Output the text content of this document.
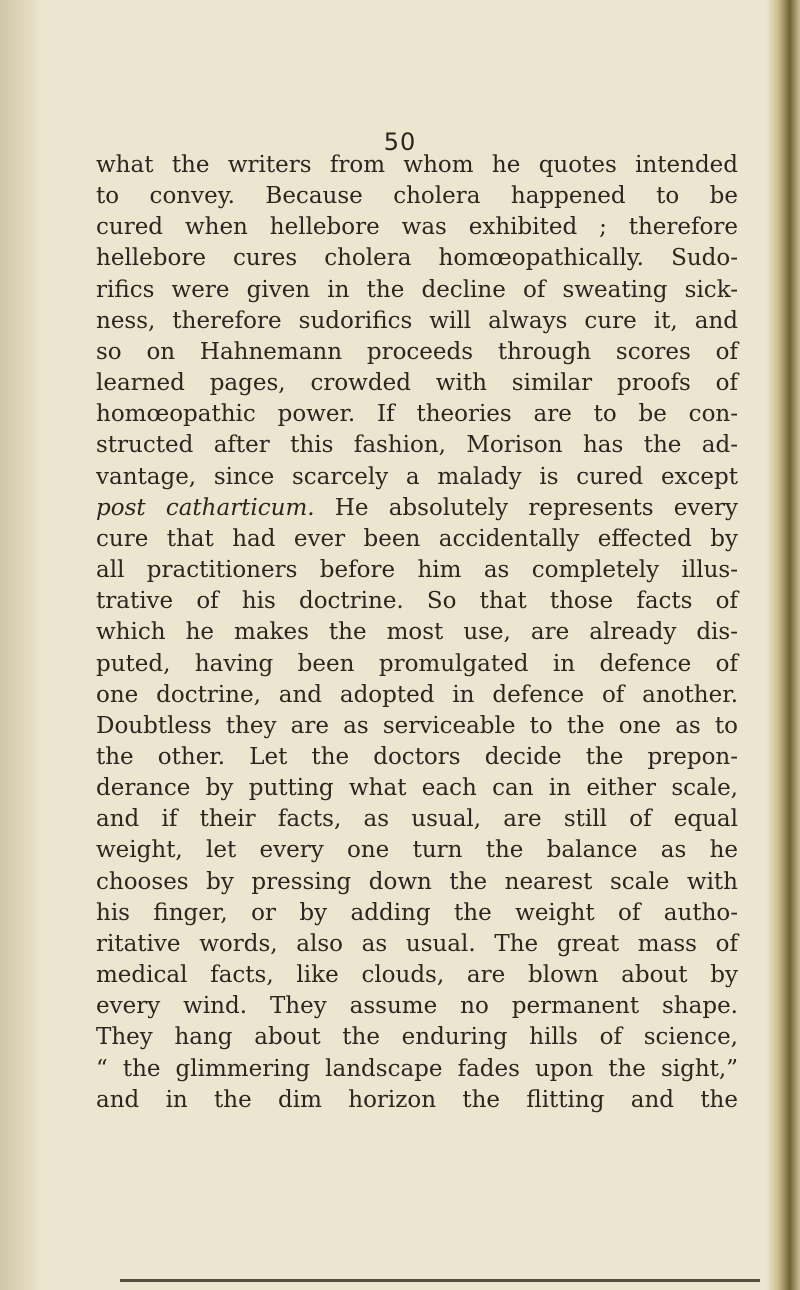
50
what the writers from whom he quotes intended
to convey. Because cholera happened to be
cured when hellebore was exhibited ; therefore
hellebore cures cholera homœopathically. Sudo-
rifics were given in the decline of sweating sick-
ness, therefore sudorifics will always cure it, and
so on Hahnemann proceeds through scores of
learned pages, crowded with similar proofs of
homœopathic power. If theories are to be con-
structed after this fashion, Morison has the ad-
vantage, since scarcely a malady is cured except
post catharticum. He absolutely represents every
cure that had ever been accidentally effected by
all practitioners before him as completely illus-
trative of his doctrine. So that those facts of
which he makes the most use, are already dis-
puted, having been promulgated in defence of
one doctrine, and adopted in defence of another.
Doubtless they are as serviceable to the one as to
the other. Let the doctors decide the prepon-
derance by putting what each can in either scale,
and if their facts, as usual, are still of equal
weight, let every one turn the balance as he
chooses by pressing down the nearest scale with
his finger, or by adding the weight of autho-
ritative words, also as usual. The great mass of
medical facts, like clouds, are blown about by
every wind. They assume no permanent shape.
They hang about the enduring hills of science,
“ the glimmering landscape fades upon the sight,”
and in the dim horizon the flitting and the
